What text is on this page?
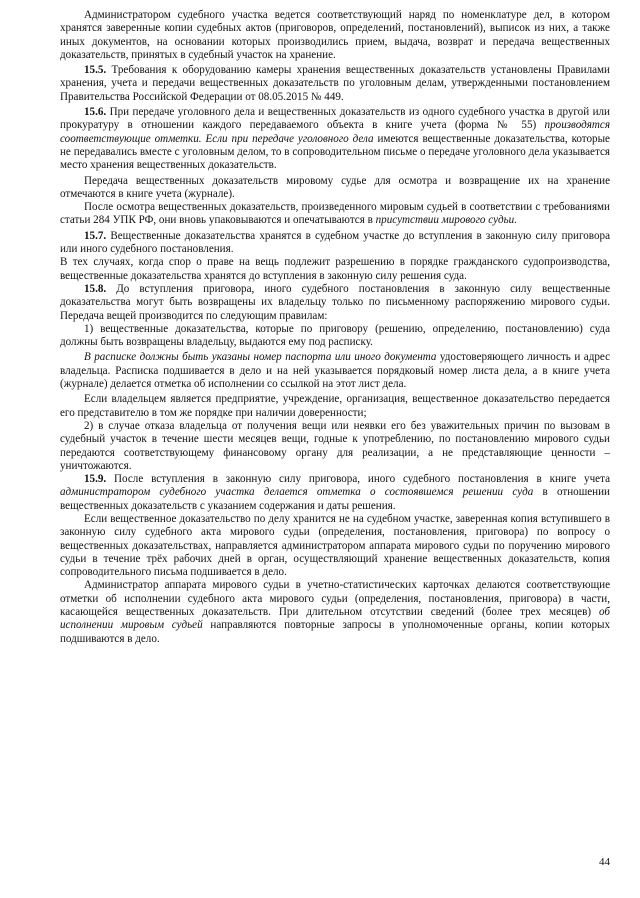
Администратором судебного участка ведется соответствующий наряд по номенклатуре дел, в котором хранятся заверенные копии судебных актов (приговоров, определений, постановлений), выписок из них, а также иных документов, на основании которых производились прием, выдача, возврат и передача вещественных доказательств, принятых в судебный участок на хранение.

15.5. Требования к оборудованию камеры хранения вещественных доказательств установлены Правилами хранения, учета и передачи вещественных доказательств по уголовным делам, утвержденными постановлением Правительства Российской Федерации от 08.05.2015 № 449.

15.6. При передаче уголовного дела и вещественных доказательств из одного судебного участка в другой или прокуратуру в отношении каждого передаваемого объекта в книге учета (форма № 55) производятся соответствующие отметки. Если при передаче уголовного дела имеются вещественные доказательства, которые не передавались вместе с уголовным делом, то в сопроводительном письме о передаче уголовного дела указывается место хранения вещественных доказательств.

Передача вещественных доказательств мировому судье для осмотра и возвращение их на хранение отмечаются в книге учета (журнале).

После осмотра вещественных доказательств, произведенного мировым судьей в соответствии с требованиями статьи 284 УПК РФ, они вновь упаковываются и опечатываются в присутствии мирового судьи.

15.7. Вещественные доказательства хранятся в судебном участке до вступления в законную силу приговора или иного судебного постановления.

В тех случаях, когда спор о праве на вещь подлежит разрешению в порядке гражданского судопроизводства, вещественные доказательства хранятся до вступления в законную силу решения суда.

15.8. До вступления приговора, иного судебного постановления в законную силу вещественные доказательства могут быть возвращены их владельцу только по письменному распоряжению мирового судьи. Передача вещей производится по следующим правилам:

1) вещественные доказательства, которые по приговору (решению, определению, постановлению) суда должны быть возвращены владельцу, выдаются ему под расписку.

В расписке должны быть указаны номер паспорта или иного документа удостоверяющего личность и адрес владельца. Расписка подшивается в дело и на ней указывается порядковый номер листа дела, а в книге учета (журнале) делается отметка об исполнении со ссылкой на этот лист дела.

Если владельцем является предприятие, учреждение, организация, вещественное доказательство передается его представителю в том же порядке при наличии доверенности;

2) в случае отказа владельца от получения вещи или неявки его без уважительных причин по вызовам в судебный участок в течение шести месяцев вещи, годные к употреблению, по постановлению мирового судьи передаются соответствующему финансовому органу для реализации, а не представляющие ценности – уничтожаются.

15.9. После вступления в законную силу приговора, иного судебного постановления в книге учета администратором судебного участка делается отметка о состоявшемся решении суда в отношении вещественных доказательств с указанием содержания и даты решения.

Если вещественное доказательство по делу хранится не на судебном участке, заверенная копия вступившего в законную силу судебного акта мирового судьи (определения, постановления, приговора) по вопросу о вещественных доказательствах, направляется администратором аппарата мирового судьи по поручению мирового судьи в течение трёх рабочих дней в орган, осуществляющий хранение вещественных доказательств, копия сопроводительного письма подшивается в дело.

Администратор аппарата мирового судьи в учетно-статистических карточках делаются соответствующие отметки об исполнении судебного акта мирового судьи (определения, постановления, приговора) в части, касающейся вещественных доказательств. При длительном отсутствии сведений (более трех месяцев) об исполнении мировым судьей направляются повторные запросы в уполномоченные органы, копии которых подшиваются в дело.

44
